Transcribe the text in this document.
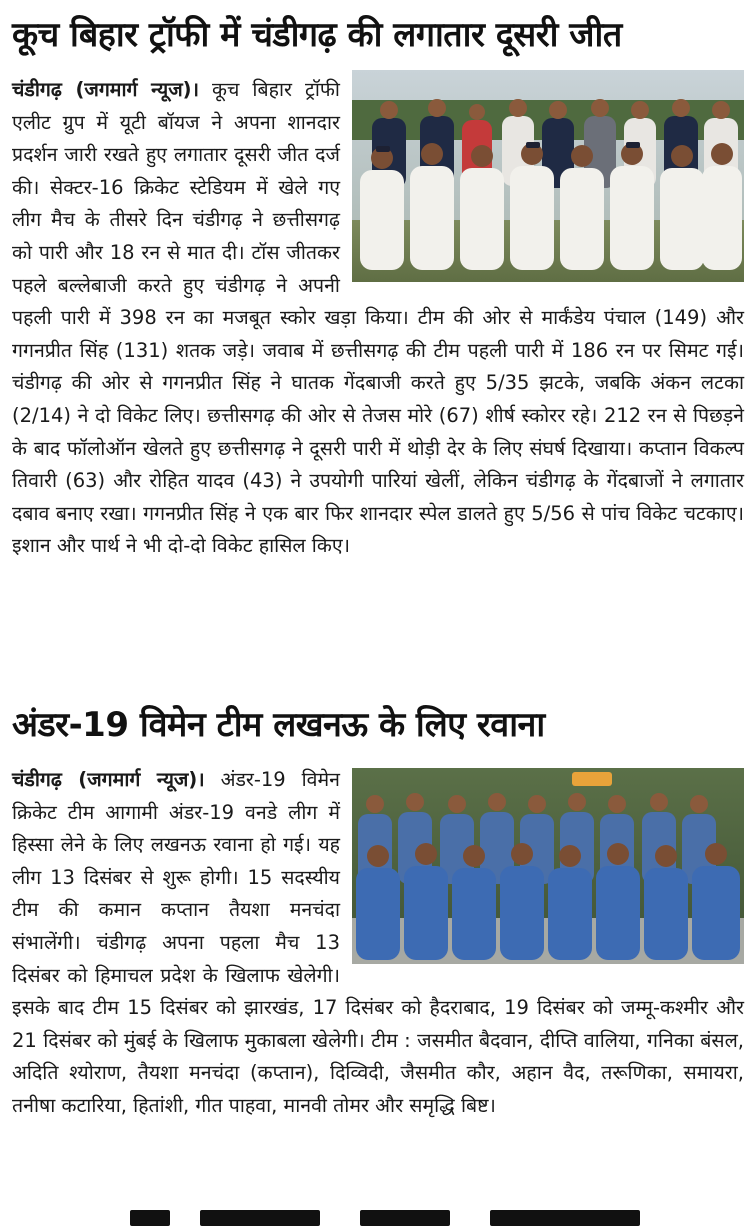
कूच बिहार ट्रॉफी में चंडीगढ़ की लगातार दूसरी जीत

चंडीगढ़ (जगमार्ग न्यूज)। कूच बिहार ट्रॉफी एलीट ग्रुप में यूटी बॉयज ने अपना शानदार प्रदर्शन जारी रखते हुए लगातार दूसरी जीत दर्ज की। सेक्टर-16 क्रिकेट स्टेडियम में खेले गए लीग मैच के तीसरे दिन चंडीगढ़ ने छत्तीसगढ़ को पारी और 18 रन से मात दी। टॉस जीतकर पहले बल्लेबाजी करते हुए चंडीगढ़ ने अपनी पहली पारी में 398 रन का मजबूत स्कोर खड़ा किया। टीम की ओर से मार्कंडेय पंचाल (149) और गगनप्रीत सिंह (131) शतक जड़े। जवाब में छत्तीसगढ़ की टीम पहली पारी में 186 रन पर सिमट गई। चंडीगढ़ की ओर से गगनप्रीत सिंह ने घातक गेंदबाजी करते हुए 5/35 झटके, जबकि अंकन लटका (2/14) ने दो विकेट लिए। छत्तीसगढ़ की ओर से तेजस मोरे (67) शीर्ष स्कोरर रहे। 212 रन से पिछड़ने के बाद फॉलोऑन खेलते हुए छत्तीसगढ़ ने दूसरी पारी में थोड़ी देर के लिए संघर्ष दिखाया। कप्तान विकल्प तिवारी (63) और रोहित यादव (43) ने उपयोगी पारियां खेलीं, लेकिन चंडीगढ़ के गेंदबाजों ने लगातार दबाव बनाए रखा। गगनप्रीत सिंह ने एक बार फिर शानदार स्पेल डालते हुए 5/56 से पांच विकेट चटकाए। इशान और पार्थ ने भी दो-दो विकेट हासिल किए।

अंडर-19 विमेन टीम लखनऊ के लिए रवाना

चंडीगढ़ (जगमार्ग न्यूज)। अंडर-19 विमेन क्रिकेट टीम आगामी अंडर-19 वनडे लीग में हिस्सा लेने के लिए लखनऊ रवाना हो गई। यह लीग 13 दिसंबर से शुरू होगी। 15 सदस्यीय टीम की कमान कप्तान तैयशा मनचंदा संभालेंगी। चंडीगढ़ अपना पहला मैच 13 दिसंबर को हिमाचल प्रदेश के खिलाफ खेलेगी। इसके बाद टीम 15 दिसंबर को झारखंड, 17 दिसंबर को हैदराबाद, 19 दिसंबर को जम्मू-कश्मीर और 21 दिसंबर को मुंबई के खिलाफ मुकाबला खेलेगी। टीम : जसमीत बैदवान, दीप्ति वालिया, गनिका बंसल, अदिति श्योराण, तैयशा मनचंदा (कप्तान), दिव्विदी, जैसमीत कौर, अहान वैद, तरूणिका, समायरा, तनीषा कटारिया, हितांशी, गीत पाहवा, मानवी तोमर और समृद्धि बिष्ट।
